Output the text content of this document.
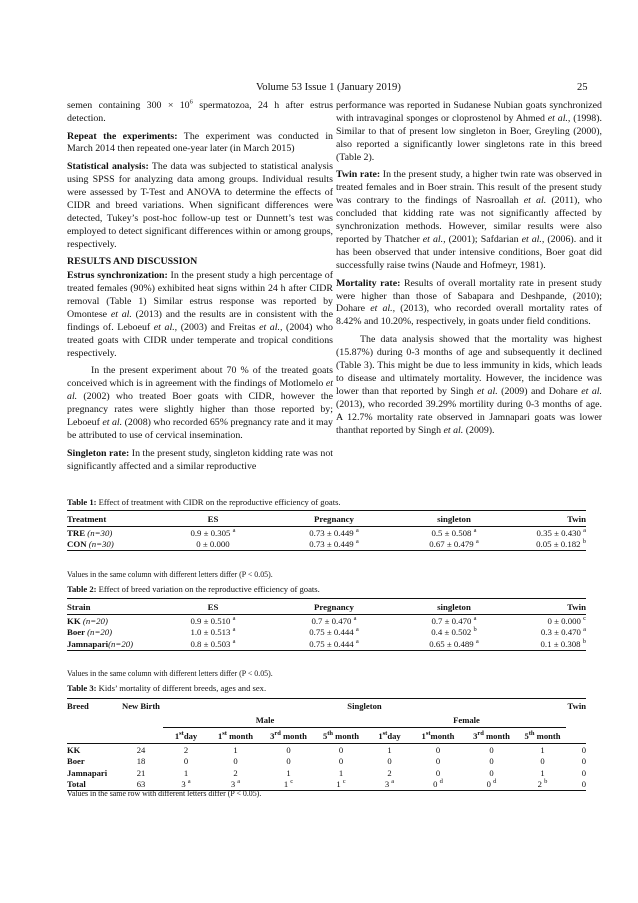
Volume 53 Issue 1 (January 2019)	25

semen containing $300 \times 10^6$ spermatozoa, 24 h after estrus detection.

Repeat the experiments: The experiment was conducted in March 2014 then repeated one-year later (in March 2015)

Statistical analysis: The data was subjected to statistical analysis using SPSS for analyzing data among groups. Individual results were assessed by T-Test and ANOVA to determine the effects of CIDR and breed variations. When significant differences were detected, Tukey’s post-hoc follow-up test or Dunnett’s test was employed to detect significant differences within or among groups, respectively.

RESULTS AND DISCUSSION

Estrus synchronization: In the present study a high percentage of treated females (90%) exhibited heat signs within 24 h after CIDR removal (Table 1) Similar estrus response was reported by Omontese et al. (2013) and the results are in consistent with the findings of. Leboeuf et al., (2003) and Freitas et al., (2004) who treated goats with CIDR under temperate and tropical conditions respectively.

In the present experiment about 70 % of the treated goats conceived which is in agreement with the findings of Motlomelo et al. (2002) who treated Boer goats with CIDR, however the pregnancy rates were slightly higher than those reported by; Leboeuf et al. (2008) who recorded 65% pregnancy rate and it may be attributed to use of cervical insemination.

Singleton rate: In the present study, singleton kidding rate was not significantly affected and a similar reproductive

performance was reported in Sudanese Nubian goats synchronized with intravaginal sponges or cloprostenol by Ahmed et al., (1998). Similar to that of present low singleton in Boer, Greyling (2000), also reported a significantly lower singletons rate in this breed (Table 2).

Twin rate: In the present study, a higher twin rate was observed in treated females and in Boer strain. This result of the present study was contrary to the findings of Nasroallah et al. (2011), who concluded that kidding rate was not significantly affected by synchronization methods. However, similar results were also reported by Thatcher et al., (2001); Safdarian et al., (2006). and it has been observed that under intensive conditions, Boer goat did successfully raise twins (Naude and Hofmeyr, 1981).

Mortality rate: Results of overall mortality rate in present study were higher than those of Sabapara and Deshpande, (2010); Dohare et al., (2013), who recorded overall mortality rates of 8.42% and 10.20%, respectively, in goats under field conditions.

The data analysis showed that the mortality was highest (15.87%) during 0-3 months of age and subsequently it declined (Table 3). This might be due to less immunity in kids, which leads to disease and ultimately mortality. However, the incidence was lower than that reported by Singh et al. (2009) and Dohare et al. (2013), who recorded 39.29% mortility during 0-3 months of age. A 12.7% mortality rate observed in Jamnapari goats was lower thanthat reported by Singh et al. (2009).

Table 1: Effect of treatment with CIDR on the reproductive efficiency of goats.
Treatment	ES	Pregnancy	singleton	Twin
TRE (n=30)	0.9 ± 0.305 $^a$	0.73 ± 0.449 $^a$	0.5 ± 0.508 $^a$	0.35 ± 0.430 $^a$
CON (n=30)	0 ± 0.000	0.73 ± 0.449 $^a$	0.67 ± 0.479 $^a$	0.05 ± 0.182 $^b$
Values in the same column with different letters differ (P < 0.05).
Table 2: Effect of breed variation on the reproductive efficiency of goats.
Strain	ES	Pregnancy	singleton	Twin
KK (n=20)	0.9 ± 0.510 $^a$	0.7 ± 0.470 $^a$	0.7 ± 0.470 $^a$	0 ± 0.000 $^c$
Boer (n=20)	1.0 ± 0.513 $^a$	0.75 ± 0.444 $^a$	0.4 ± 0.502 $^b$	0.3 ± 0.470 $^a$
Jamnapari(n=20)	0.8 ± 0.503 $^a$	0.75 ± 0.444 $^a$	0.65 ± 0.489 $^a$	0.1 ± 0.308 $^b$
Values in the same column with different letters differ (P < 0.05).
Table 3: Kids’ mortality of different breeds, ages and sex.
Breed	New Birth	Singleton								Twin
		Male				Female				
		1stday	1st month	3rd month	5th month	1stday	1stmonth	3rd month	5th month	
KK	24	2	1	0	0	1	0	0	1	0
Boer	18	0	0	0	0	0	0	0	0	0
Jamnapari	21	1	2	1	1	2	0	0	1	0
Total	63	3 $^a$	3 $^a$	1 $^c$	1 $^c$	3 $^a$	0 $^d$	0 $^d$	2 $^b$	0
Values in the same row with different letters differ (P < 0.05).
